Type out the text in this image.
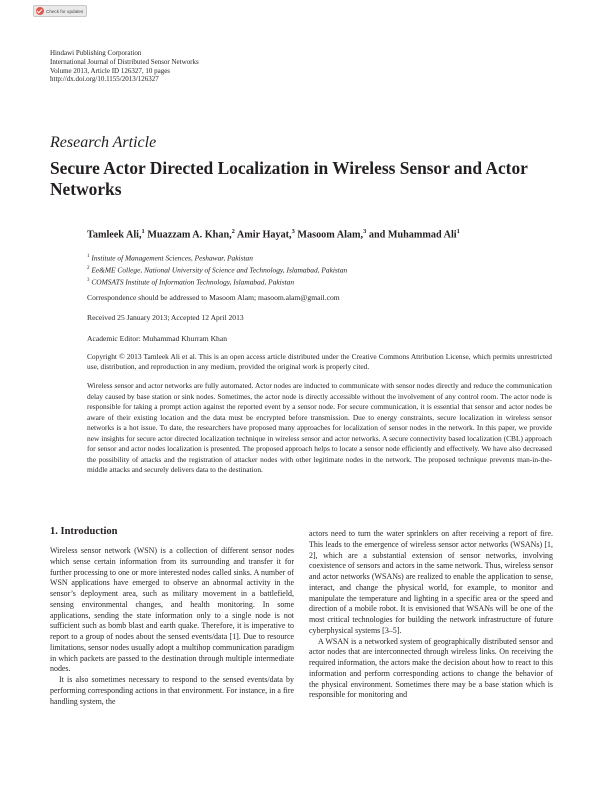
Check for updates
Hindawi Publishing Corporation
International Journal of Distributed Sensor Networks
Volume 2013, Article ID 126327, 10 pages
http://dx.doi.org/10.1155/2013/126327
Research Article
Secure Actor Directed Localization in Wireless Sensor and Actor Networks
Tamleek Ali,$^1$ Muazzam A. Khan,$^2$ Amir Hayat,$^3$ Masoom Alam,$^3$ and Muhammad Ali$^1$
$^1$ Institute of Management Sciences, Peshawar, Pakistan
$^2$ Ee&ME College, National University of Science and Technology, Islamabad, Pakistan
$^3$ COMSATS Institute of Information Technology, Islamabad, Pakistan
Correspondence should be addressed to Masoom Alam; masoom.alam@gmail.com
Received 25 January 2013; Accepted 12 April 2013
Academic Editor: Muhammad Khurram Khan
Copyright © 2013 Tamleek Ali et al. This is an open access article distributed under the Creative Commons Attribution License, which permits unrestricted use, distribution, and reproduction in any medium, provided the original work is properly cited.
Wireless sensor and actor networks are fully automated. Actor nodes are inducted to communicate with sensor nodes directly and reduce the communication delay caused by base station or sink nodes. Sometimes, the actor node is directly accessible without the involvement of any control room. The actor node is responsible for taking a prompt action against the reported event by a sensor node. For secure communication, it is essential that sensor and actor nodes be aware of their existing location and the data must be encrypted before transmission. Due to energy constraints, secure localization in wireless sensor networks is a hot issue. To date, the researchers have proposed many approaches for localization of sensor nodes in the network. In this paper, we provide new insights for secure actor directed localization technique in wireless sensor and actor networks. A secure connectivity based localization (CBL) approach for sensor and actor nodes localization is presented. The proposed approach helps to locate a sensor node efficiently and effectively. We have also decreased the possibility of attacks and the registration of attacker nodes with other legitimate nodes in the network. The proposed technique prevents man-in-the-middle attacks and securely delivers data to the destination.
1. Introduction

Wireless sensor network (WSN) is a collection of different sensor nodes which sense certain information from its surrounding and transfer it for further processing to one or more interested nodes called sinks. A number of WSN applications have emerged to observe an abnormal activity in the sensor’s deployment area, such as military movement in a battlefield, sensing environmental changes, and health monitoring. In some applications, sending the state information only to a single node is not sufficient such as bomb blast and earth quake. Therefore, it is imperative to report to a group of nodes about the sensed events/data [1]. Due to resource limitations, sensor nodes usually adopt a multihop communication paradigm in which packets are passed to the destination through multiple intermediate nodes.

It is also sometimes necessary to respond to the sensed events/data by performing corresponding actions in that environment. For instance, in a fire handling system, the

actors need to turn the water sprinklers on after receiving a report of fire. This leads to the emergence of wireless sensor actor networks (WSANs) [1, 2], which are a substantial extension of sensor networks, involving coexistence of sensors and actors in the same network. Thus, wireless sensor and actor networks (WSANs) are realized to enable the application to sense, interact, and change the physical world, for example, to monitor and manipulate the temperature and lighting in a specific area or the speed and direction of a mobile robot. It is envisioned that WSANs will be one of the most critical technologies for building the network infrastructure of future cyberphysical systems [3–5].

A WSAN is a networked system of geographically distributed sensor and actor nodes that are interconnected through wireless links. On receiving the required information, the actors make the decision about how to react to this information and perform corresponding actions to change the behavior of the physical environment. Sometimes there may be a base station which is responsible for monitoring and
